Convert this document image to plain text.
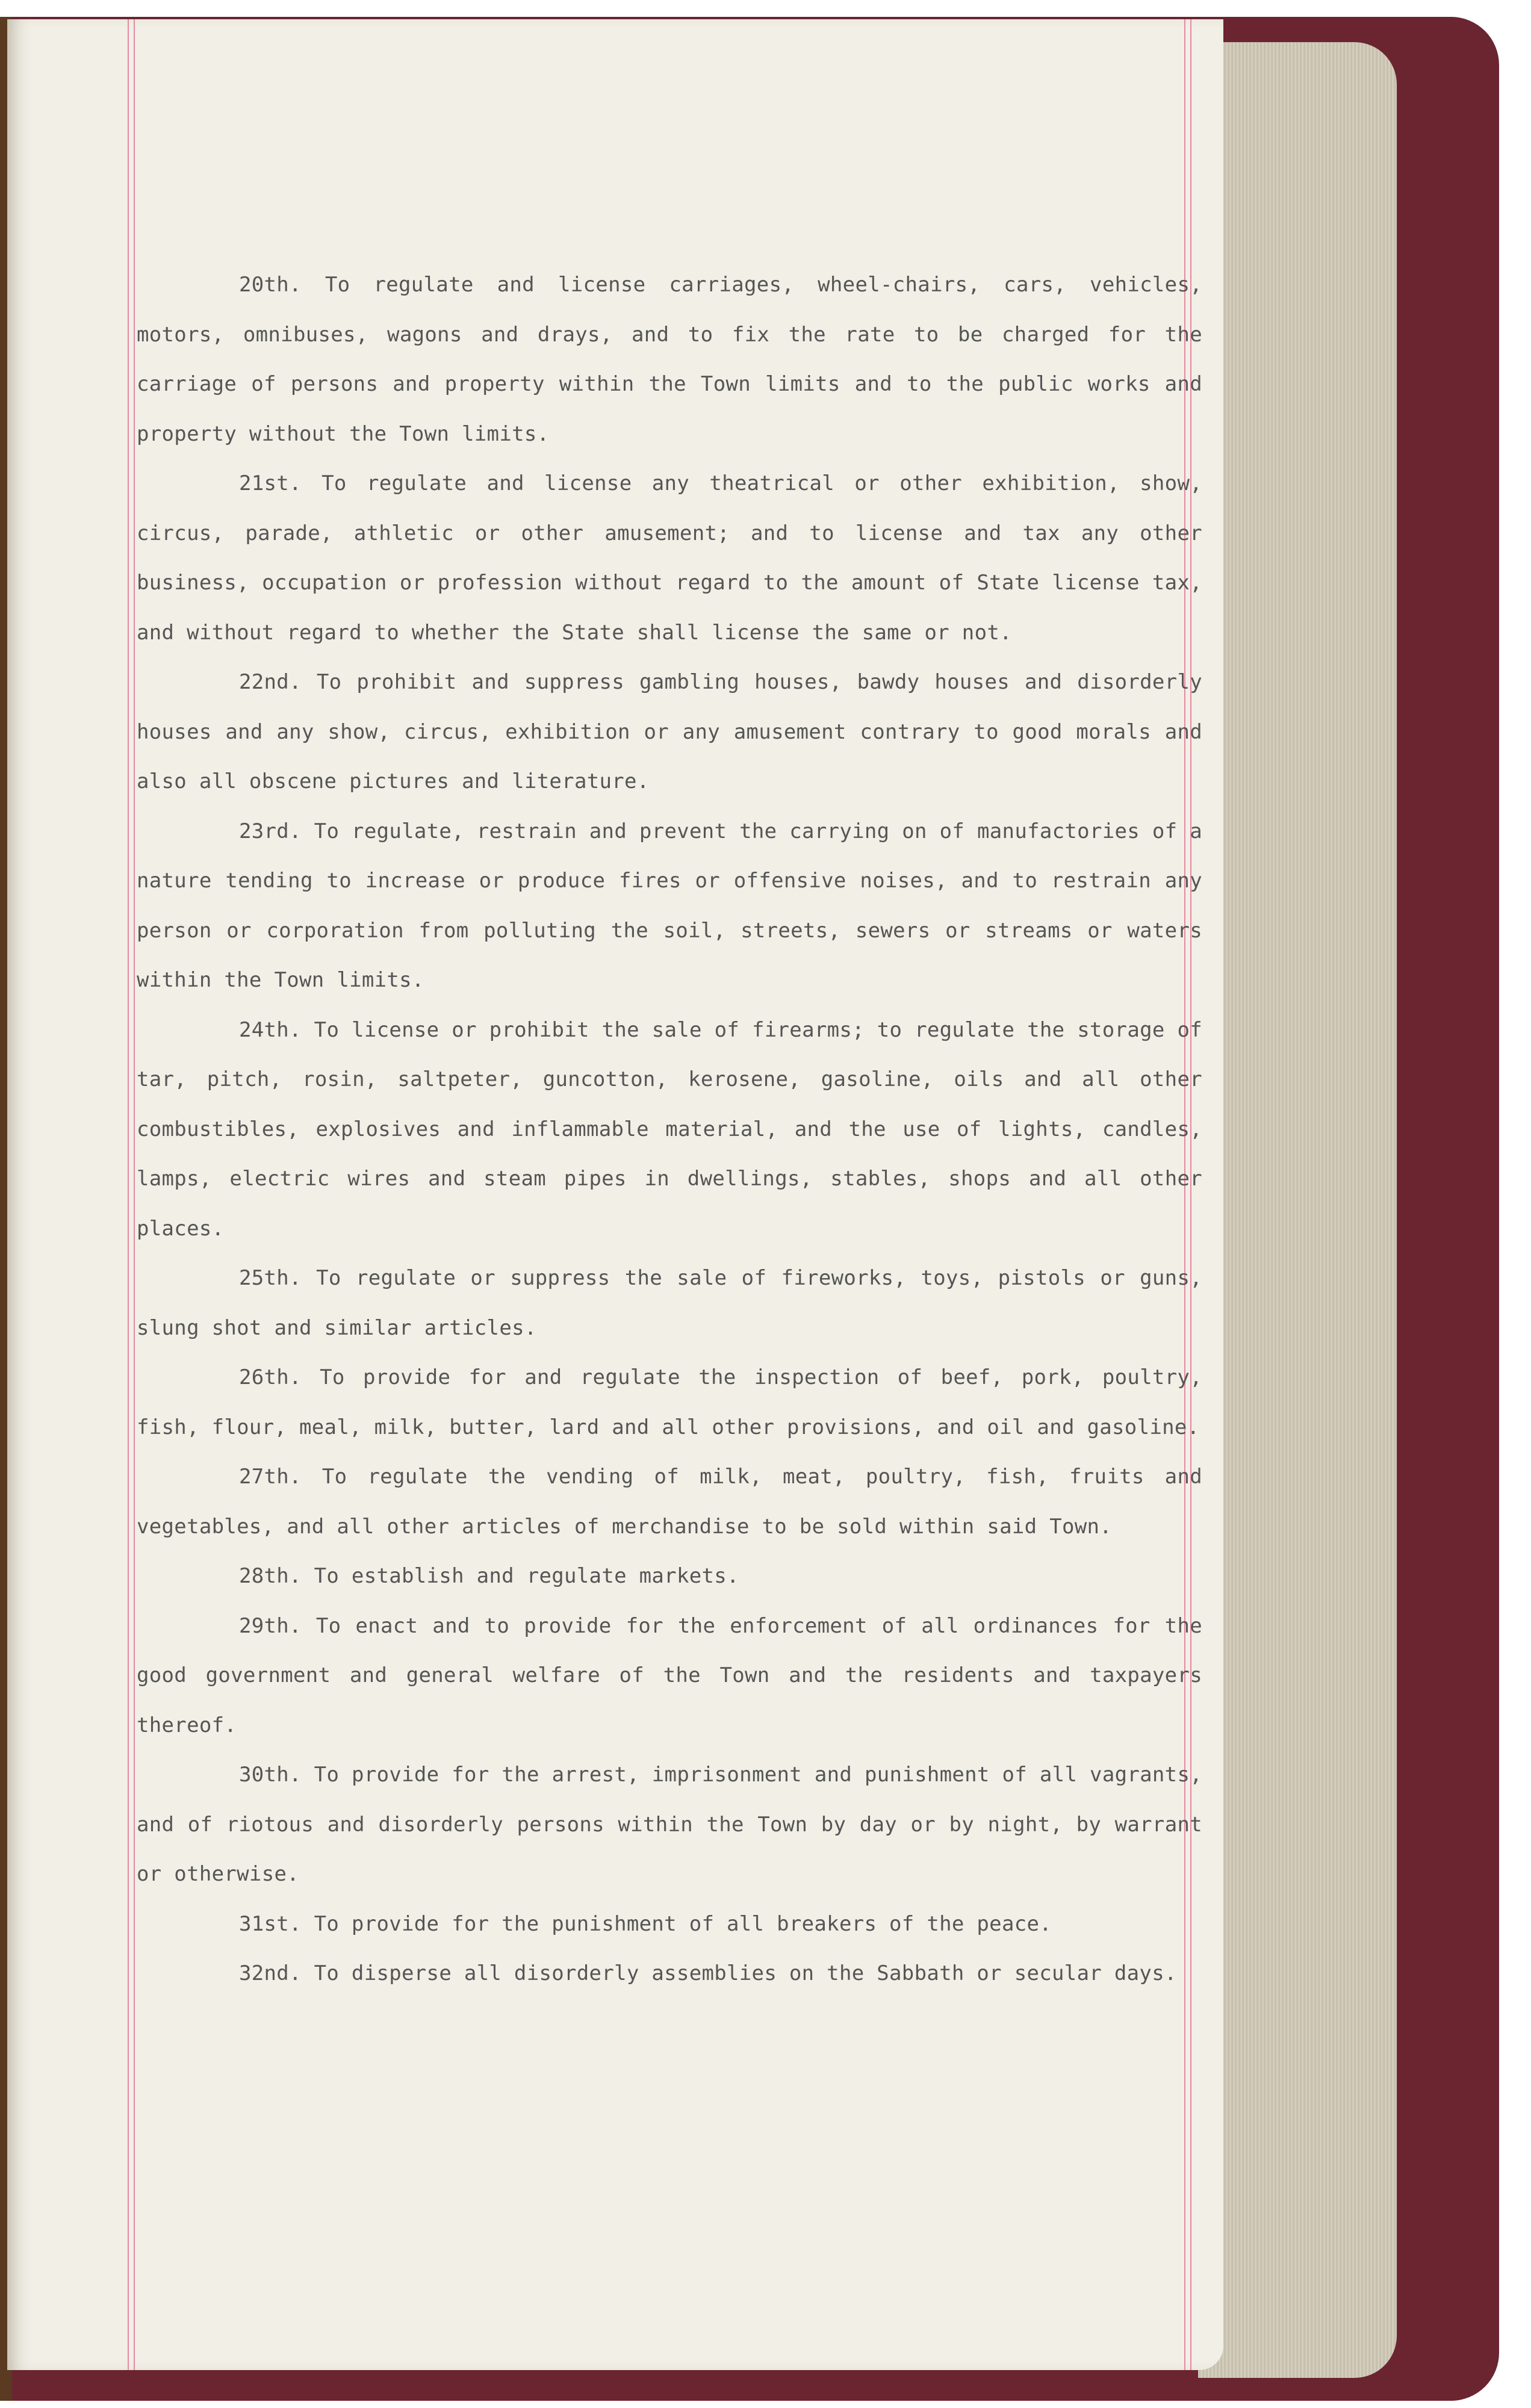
20th. To regulate and license carriages, wheel-chairs, cars, vehicles, motors, omnibuses, wagons and drays, and to fix the rate to be charged for the carriage of persons and property within the Town limits and to the public works and property without the Town limits.

21st. To regulate and license any theatrical or other exhibition, show, circus, parade, athletic or other amusement; and to license and tax any other business, occupation or profession without regard to the amount of State license tax, and without regard to whether the State shall license the same or not.

22nd. To prohibit and suppress gambling houses, bawdy houses and disorderly houses and any show, circus, exhibition or any amusement contrary to good morals and also all obscene pictures and literature.

23rd. To regulate, restrain and prevent the carrying on of manufactories of a nature tending to increase or produce fires or offensive noises, and to restrain any person or corporation from polluting the soil, streets, sewers or streams or waters within the Town limits.

24th. To license or prohibit the sale of firearms; to regulate the storage of tar, pitch, rosin, saltpeter, guncotton, kerosene, gasoline, oils and all other combustibles, explosives and inflammable material, and the use of lights, candles, lamps, electric wires and steam pipes in dwellings, stables, shops and all other places.

25th. To regulate or suppress the sale of fireworks, toys, pistols or guns, slung shot and similar articles.

26th. To provide for and regulate the inspection of beef, pork, poultry, fish, flour, meal, milk, butter, lard and all other provisions, and oil and gasoline.

27th. To regulate the vending of milk, meat, poultry, fish, fruits and vegetables, and all other articles of merchandise to be sold within said Town.

28th. To establish and regulate markets.

29th. To enact and to provide for the enforcement of all ordinances for the good government and general welfare of the Town and the residents and taxpayers thereof.

30th. To provide for the arrest, imprisonment and punishment of all vagrants, and of riotous and disorderly persons within the Town by day or by night, by warrant or otherwise.

31st. To provide for the punishment of all breakers of the peace.

32nd. To disperse all disorderly assemblies on the Sabbath or secular days.
